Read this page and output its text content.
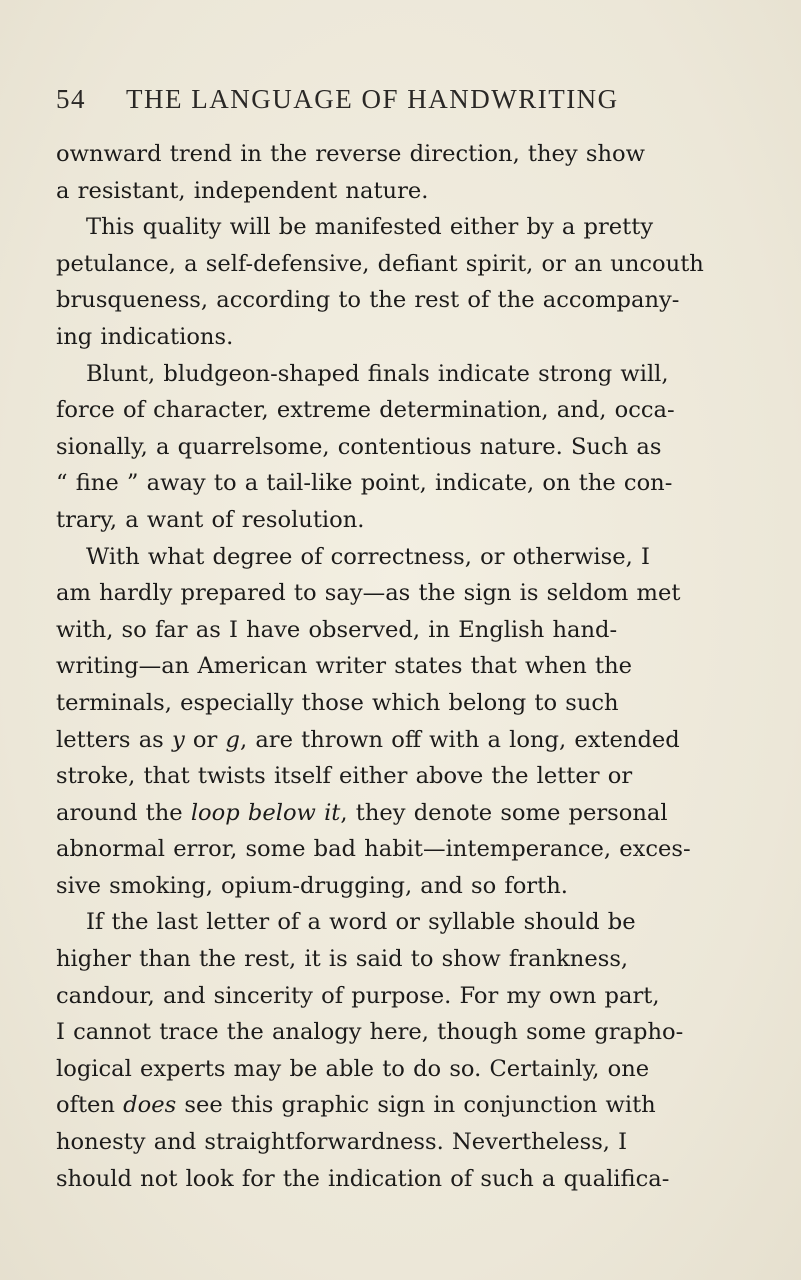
54 THE LANGUAGE OF HANDWRITING
ownward trend in the reverse direction, they show
a resistant, independent nature.
This quality will be manifested either by a pretty
petulance, a self-defensive, defiant spirit, or an uncouth
brusqueness, according to the rest of the accompany-
ing indications.
Blunt, bludgeon-shaped finals indicate strong will,
force of character, extreme determination, and, occa-
sionally, a quarrelsome, contentious nature. Such as
“ fine ” away to a tail-like point, indicate, on the con-
trary, a want of resolution.
With what degree of correctness, or otherwise, I
am hardly prepared to say—as the sign is seldom met
with, so far as I have observed, in English hand-
writing—an American writer states that when the
terminals, especially those which belong to such
letters as y or g, are thrown off with a long, extended
stroke, that twists itself either above the letter or
around the loop below it, they denote some personal
abnormal error, some bad habit—intemperance, exces-
sive smoking, opium-drugging, and so forth.
If the last letter of a word or syllable should be
higher than the rest, it is said to show frankness,
candour, and sincerity of purpose. For my own part,
I cannot trace the analogy here, though some grapho-
logical experts may be able to do so. Certainly, one
often does see this graphic sign in conjunction with
honesty and straightforwardness. Nevertheless, I
should not look for the indication of such a qualifica-
